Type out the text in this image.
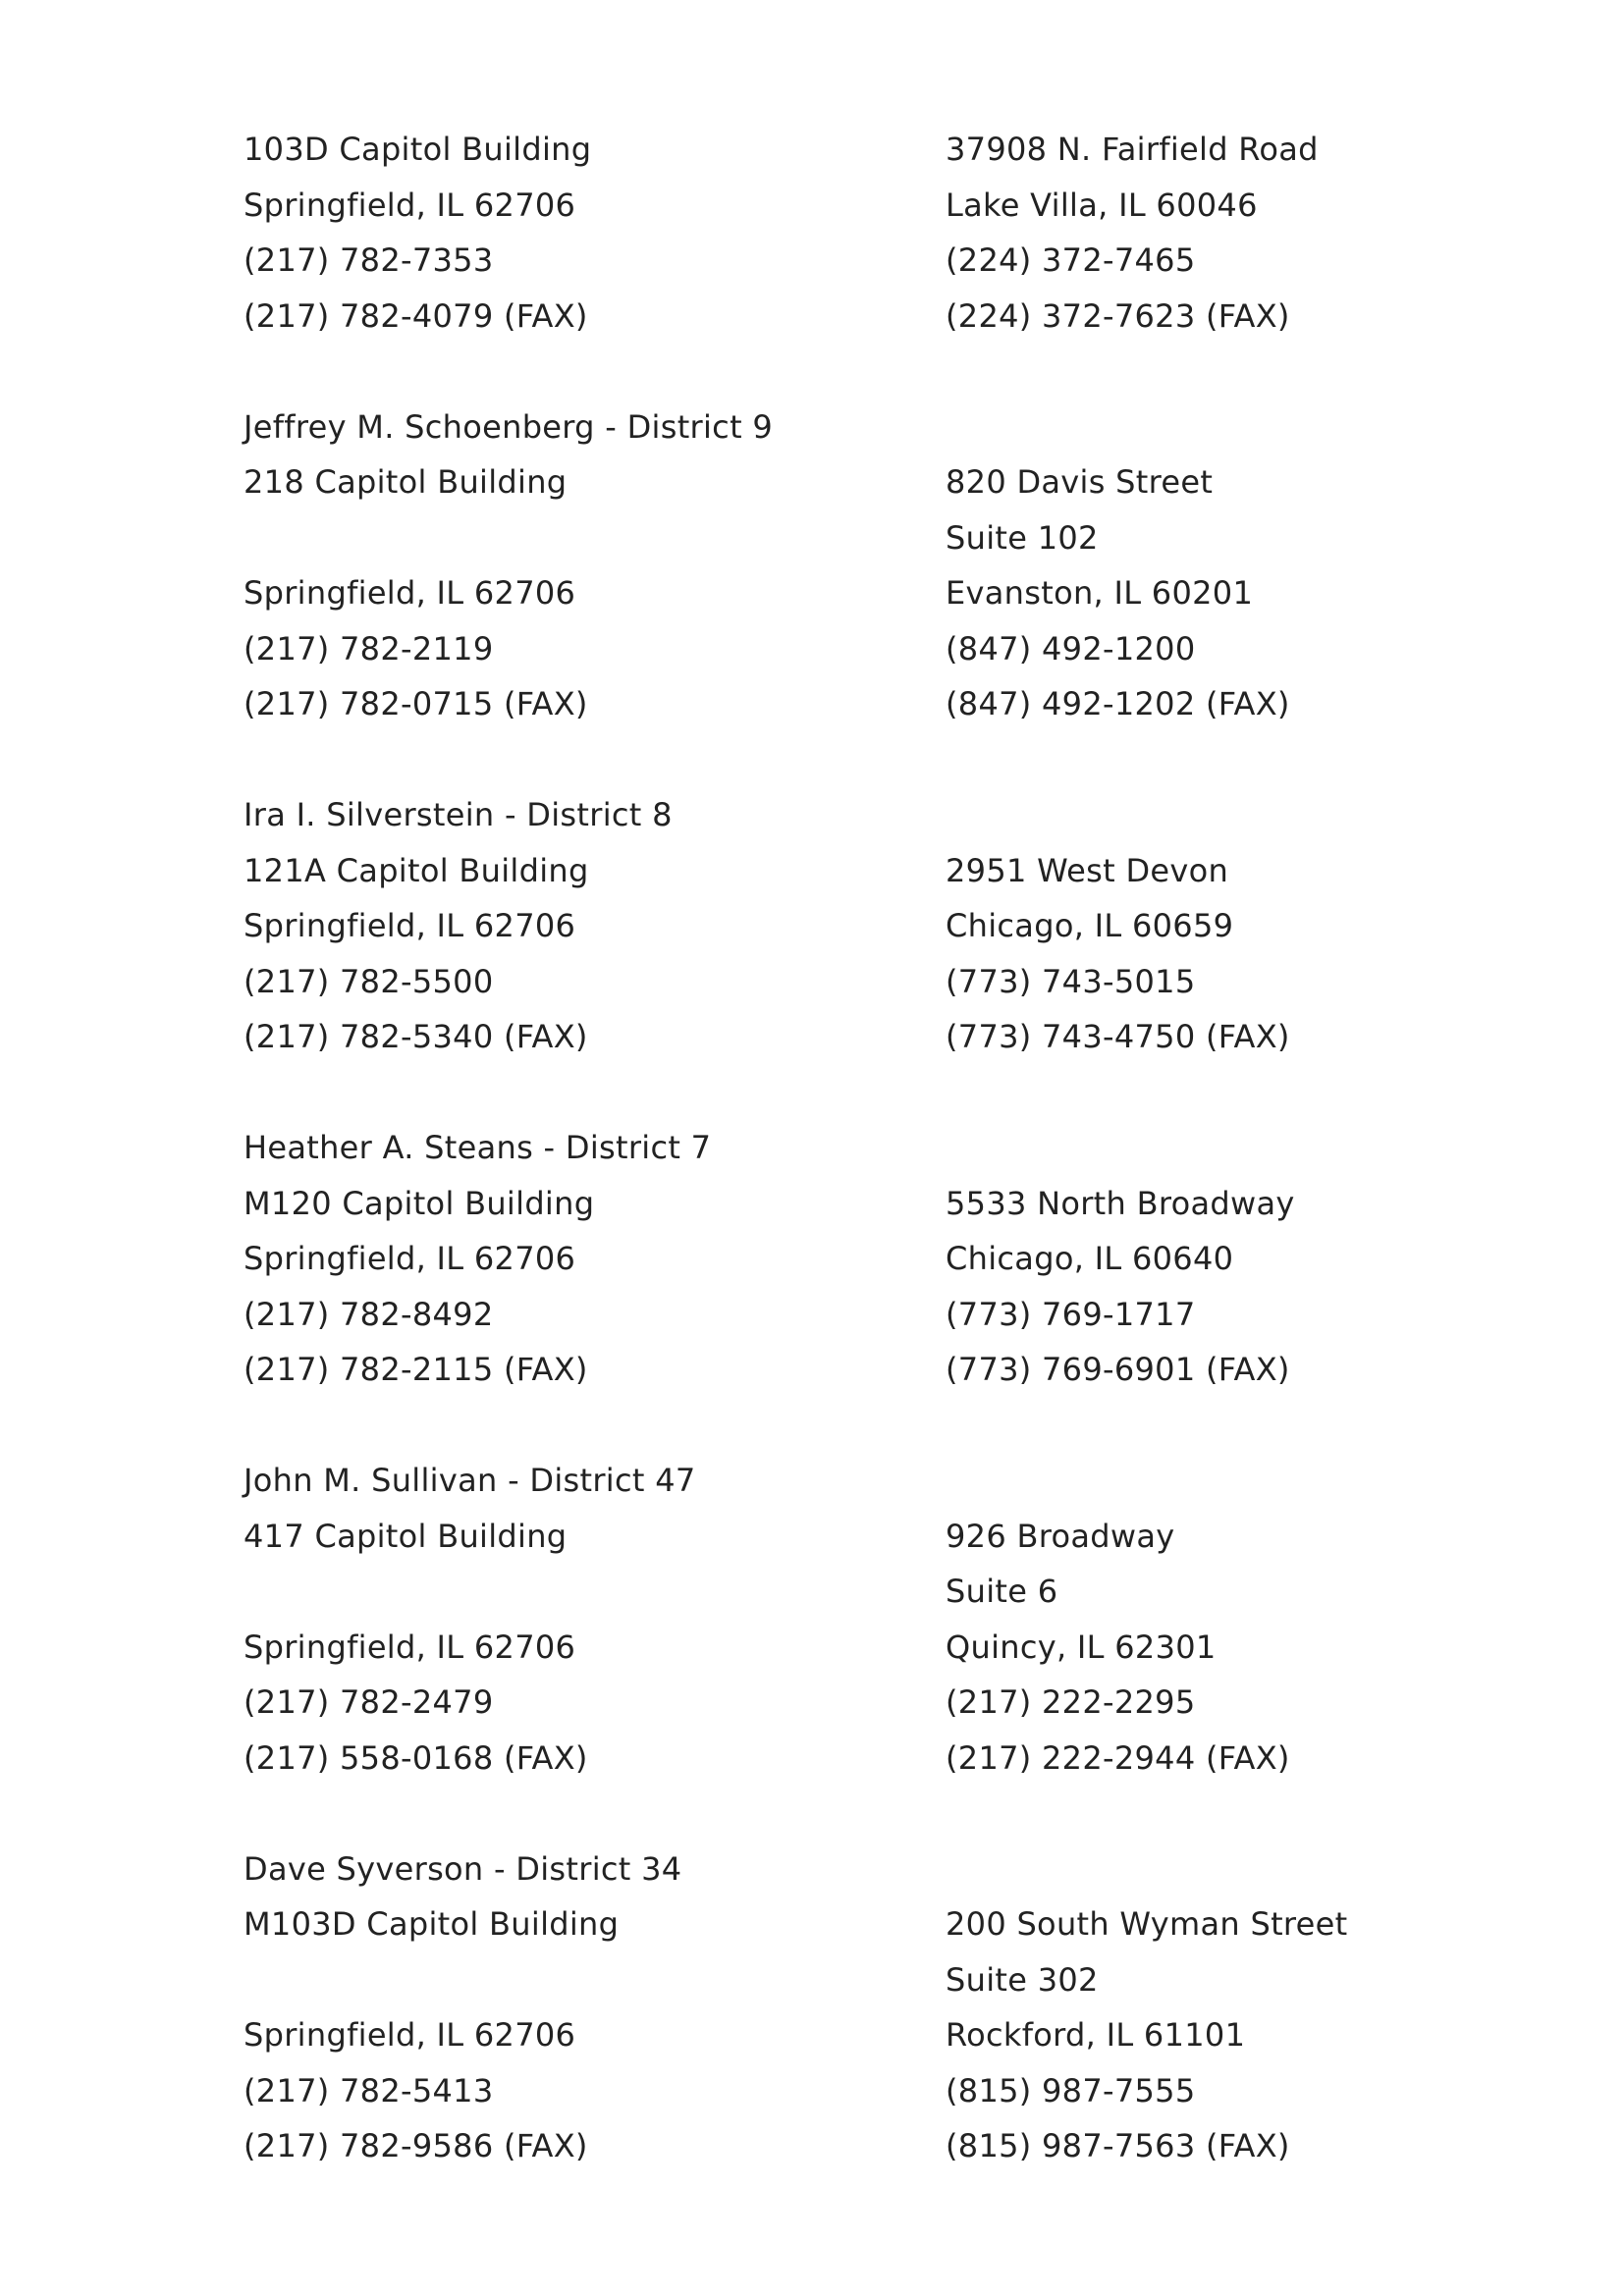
103D Capitol Building
Springfield, IL 62706
(217) 782-7353
(217) 782-4079 (FAX)
Jeffrey M. Schoenberg - District 9
218 Capitol Building
Springfield, IL 62706
(217) 782-2119
(217) 782-0715 (FAX)
Ira I. Silverstein - District 8
121A Capitol Building
Springfield, IL 62706
(217) 782-5500
(217) 782-5340 (FAX)
Heather A. Steans - District 7
M120 Capitol Building
Springfield, IL 62706
(217) 782-8492
(217) 782-2115 (FAX)
John M. Sullivan - District 47
417 Capitol Building
Springfield, IL 62706
(217) 782-2479
(217) 558-0168 (FAX)
Dave Syverson - District 34
M103D Capitol Building
Springfield, IL 62706
(217) 782-5413
(217) 782-9586 (FAX)
37908 N. Fairfield Road
Lake Villa, IL 60046
(224) 372-7465
(224) 372-7623 (FAX)
820 Davis Street
Suite 102
Evanston, IL 60201
(847) 492-1200
(847) 492-1202 (FAX)
2951 West Devon
Chicago, IL 60659
(773) 743-5015
(773) 743-4750 (FAX)
5533 North Broadway
Chicago, IL 60640
(773) 769-1717
(773) 769-6901 (FAX)
926 Broadway
Suite 6
Quincy, IL 62301
(217) 222-2295
(217) 222-2944 (FAX)
200 South Wyman Street
Suite 302
Rockford, IL 61101
(815) 987-7555
(815) 987-7563 (FAX)
